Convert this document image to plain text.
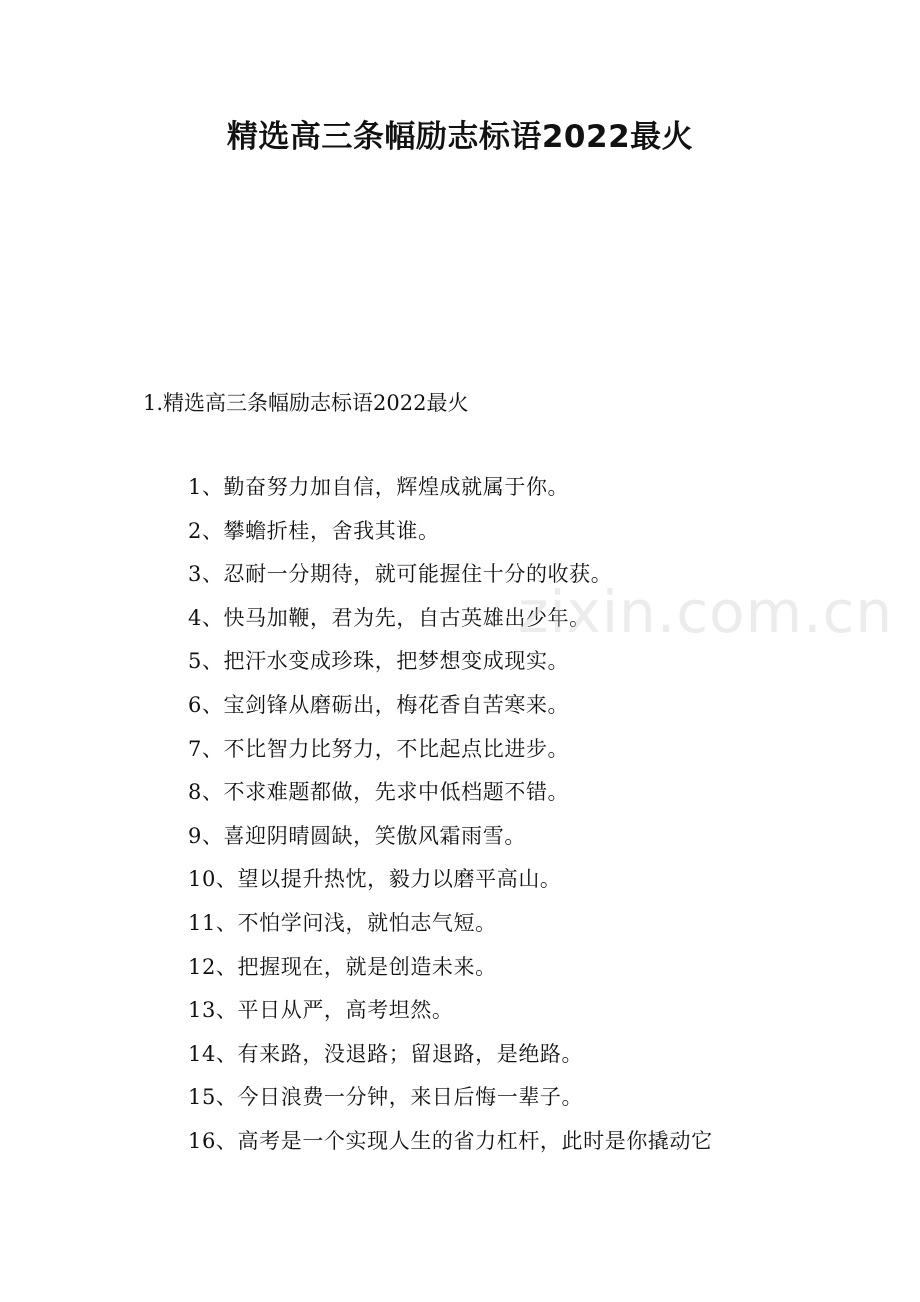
精选高三条幅励志标语2022最火

1.精选高三条幅励志标语2022最火

1、勤奋努力加自信，辉煌成就属于你。
2、攀蟾折桂，舍我其谁。
3、忍耐一分期待，就可能握住十分的收获。
4、快马加鞭，君为先，自古英雄出少年。
5、把汗水变成珍珠，把梦想变成现实。
6、宝剑锋从磨砺出，梅花香自苦寒来。
7、不比智力比努力，不比起点比进步。
8、不求难题都做，先求中低档题不错。
9、喜迎阴晴圆缺，笑傲风霜雨雪。
10、望以提升热忱，毅力以磨平高山。
11、不怕学问浅，就怕志气短。
12、把握现在，就是创造未来。
13、平日从严，高考坦然。
14、有来路，没退路；留退路，是绝路。
15、今日浪费一分钟，来日后悔一辈子。
16、高考是一个实现人生的省力杠杆，此时是你撬动它
zixin.com.cn
